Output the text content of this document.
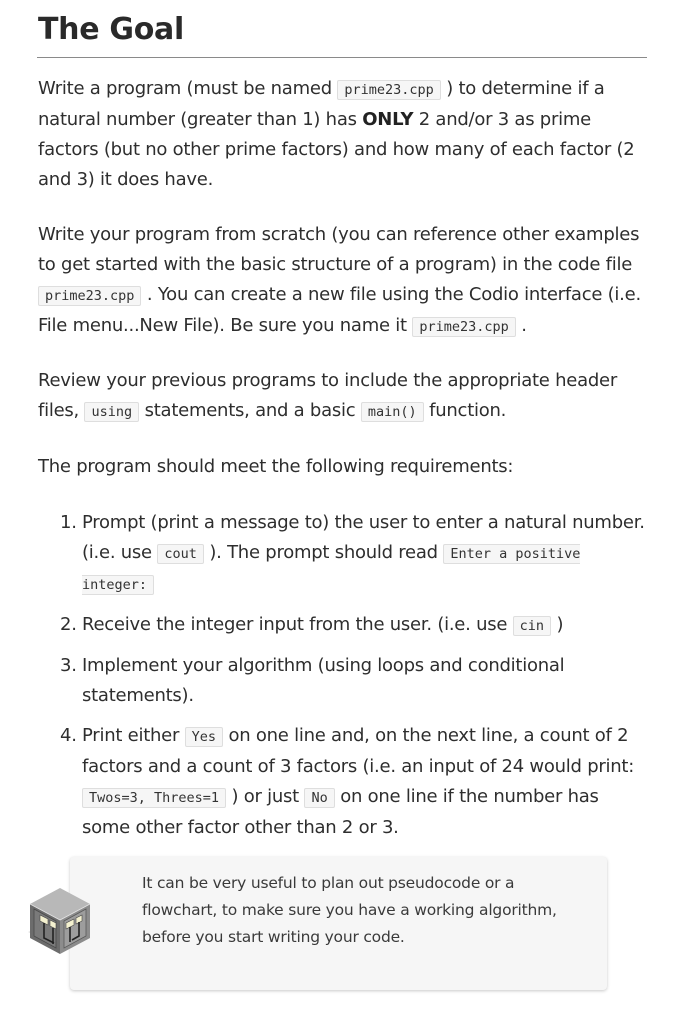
The Goal

Write a program (must be named prime23.cpp ) to determine if a natural number (greater than 1) has ONLY 2 and/or 3 as prime factors (but no other prime factors) and how many of each factor (2 and 3) it does have.

Write your program from scratch (you can reference other examples to get started with the basic structure of a program) in the code file prime23.cpp . You can create a new file using the Codio interface (i.e. File menu...New File). Be sure you name it prime23.cpp .

Review your previous programs to include the appropriate header files, using statements, and a basic main() function.

The program should meet the following requirements:

1. Prompt (print a message to) the user to enter a natural number. (i.e. use cout ). The prompt should read Enter a positive integer:
2. Receive the integer input from the user. (i.e. use cin )
3. Implement your algorithm (using loops and conditional statements).
4. Print either Yes on one line and, on the next line, a count of 2 factors and a count of 3 factors (i.e. an input of 24 would print: Twos=3, Threes=1 ) or just No on one line if the number has some other factor other than 2 or 3.

It can be very useful to plan out pseudocode or a flowchart, to make sure you have a working algorithm, before you start writing your code.
